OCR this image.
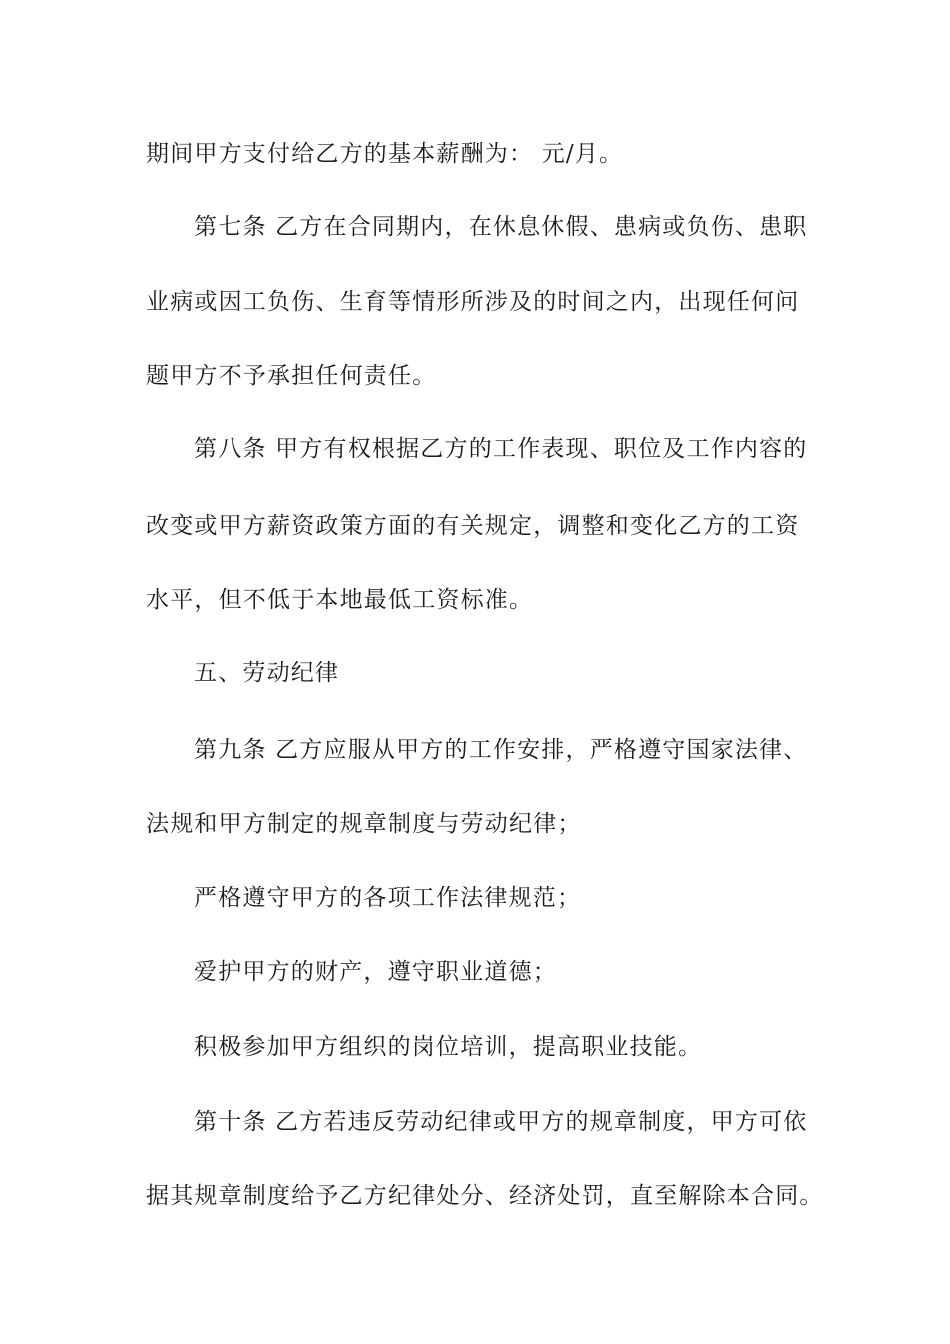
期间甲方支付给乙方的基本薪酬为： 元/月。
第七条 乙方在合同期内，在休息休假、患病或负伤、患职
业病或因工负伤、生育等情形所涉及的时间之内，出现任何问
题甲方不予承担任何责任。
第八条 甲方有权根据乙方的工作表现、职位及工作内容的
改变或甲方薪资政策方面的有关规定，调整和变化乙方的工资
水平，但不低于本地最低工资标准。
五、劳动纪律
第九条 乙方应服从甲方的工作安排，严格遵守国家法律、
法规和甲方制定的规章制度与劳动纪律；
严格遵守甲方的各项工作法律规范；
爱护甲方的财产，遵守职业道德；
积极参加甲方组织的岗位培训，提高职业技能。
第十条 乙方若违反劳动纪律或甲方的规章制度，甲方可依
据其规章制度给予乙方纪律处分、经济处罚，直至解除本合同。
